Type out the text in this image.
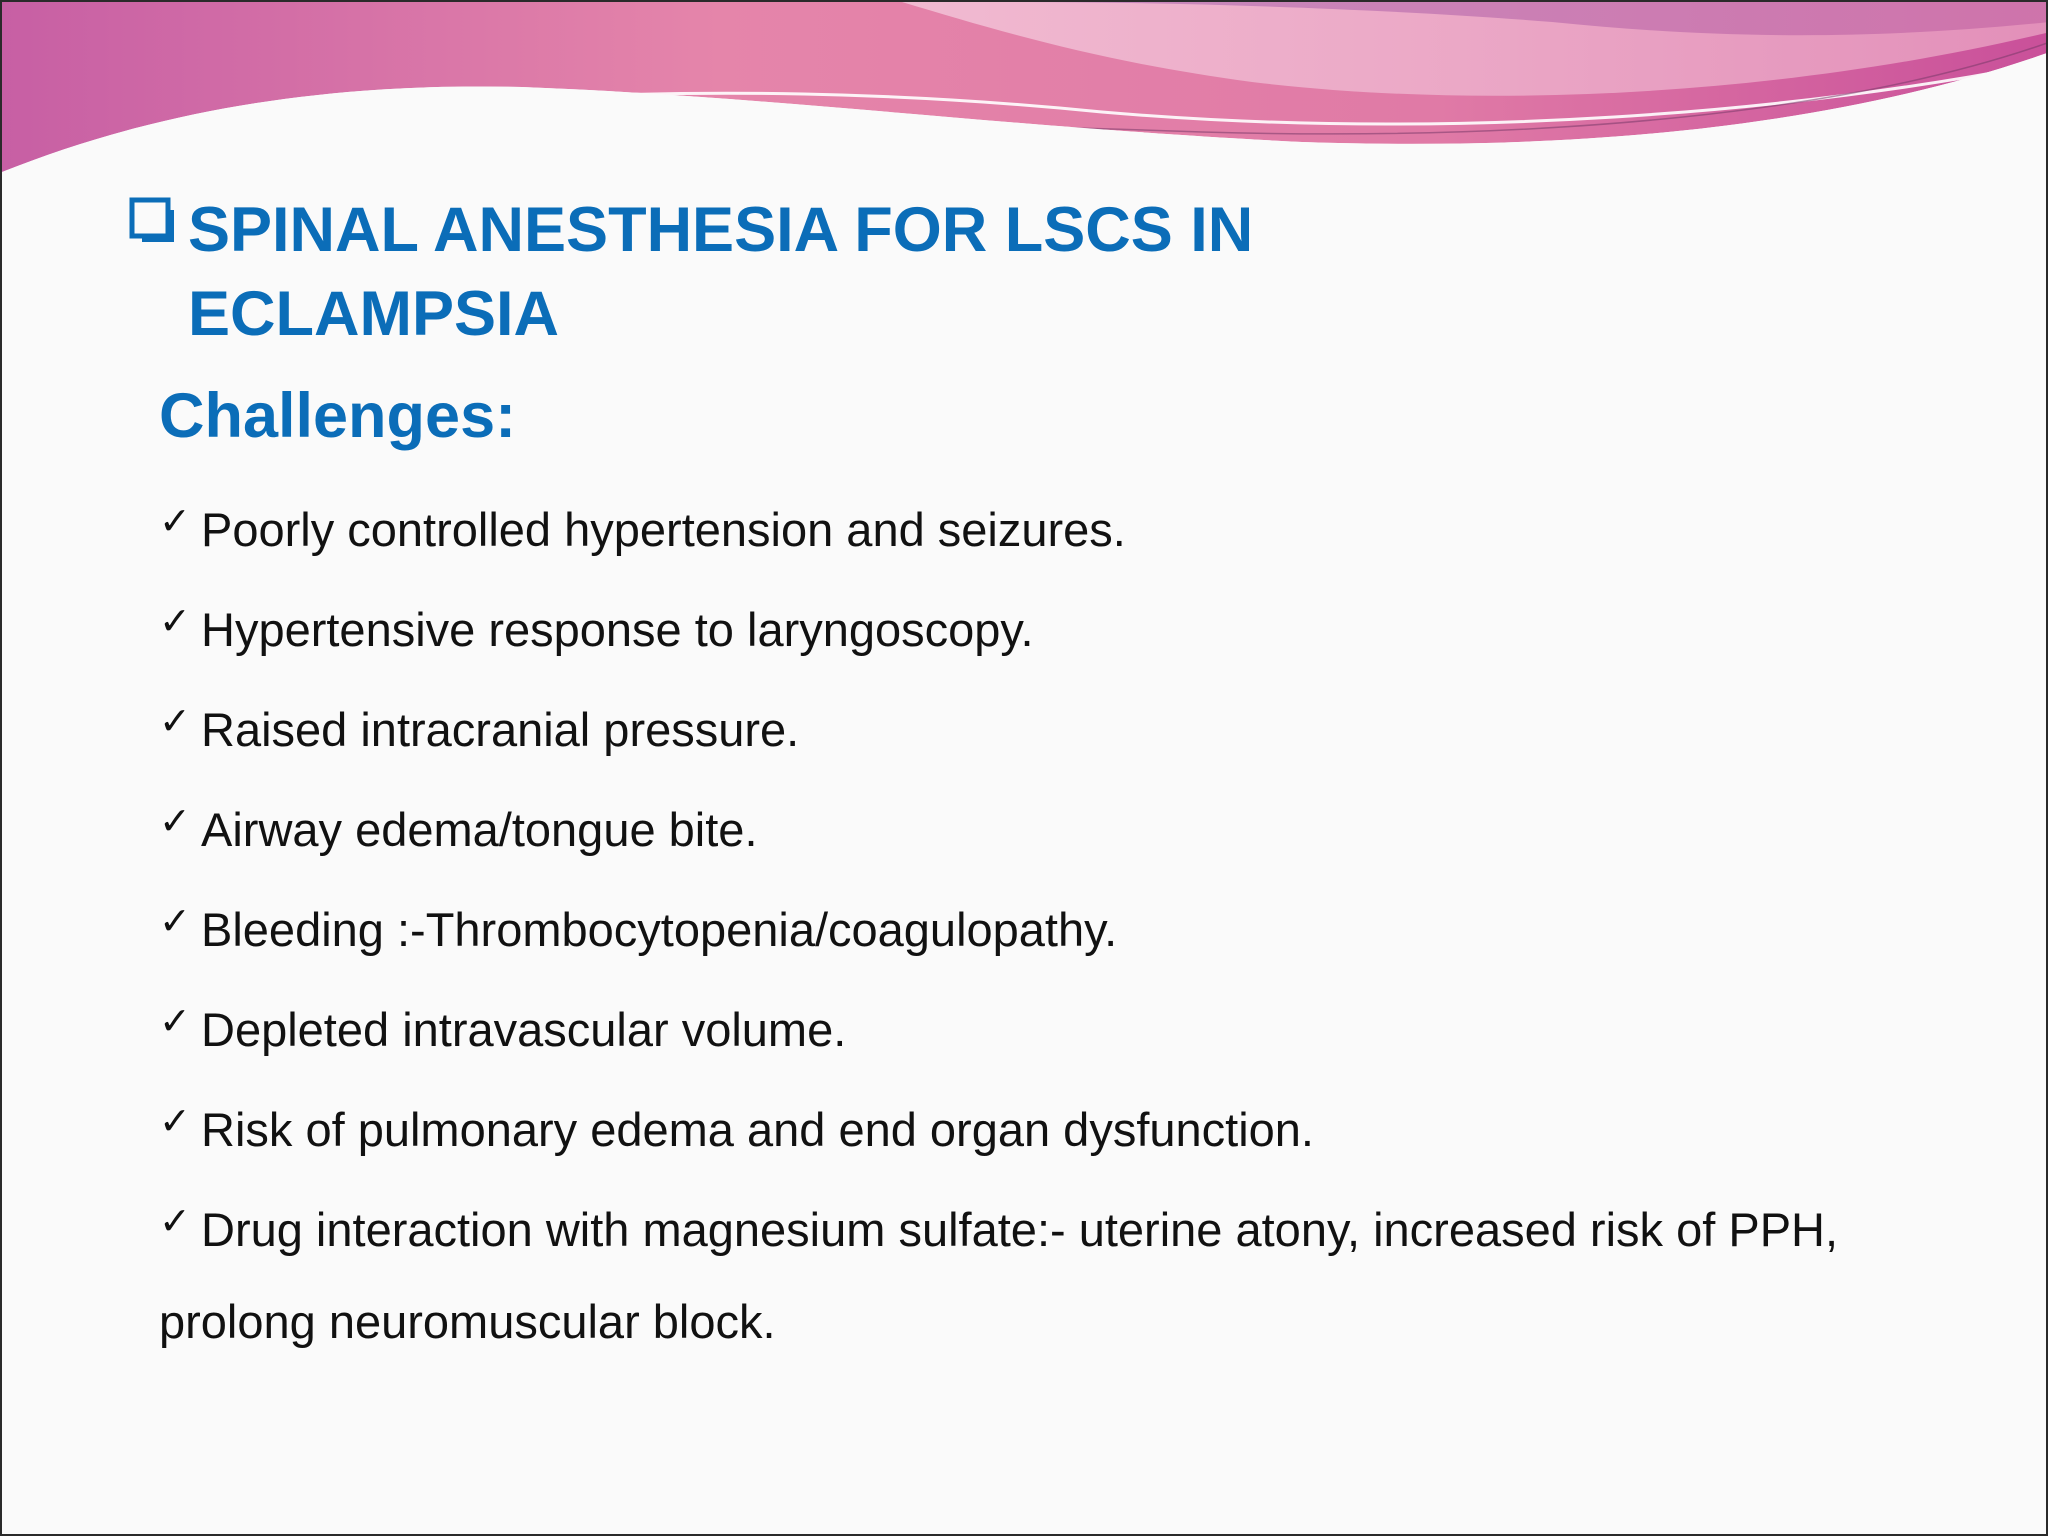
SPINAL ANESTHESIA FOR LSCS IN ECLAMPSIA
Challenges:
✓ Poorly controlled hypertension and seizures.
✓ Hypertensive response to laryngoscopy.
✓ Raised intracranial pressure.
✓ Airway edema/tongue bite.
✓ Bleeding :-Thrombocytopenia/coagulopathy.
✓ Depleted intravascular volume.
✓ Risk of pulmonary edema and end organ dysfunction.
✓ Drug interaction with magnesium sulfate:- uterine atony, increased risk of PPH, prolong neuromuscular block.
